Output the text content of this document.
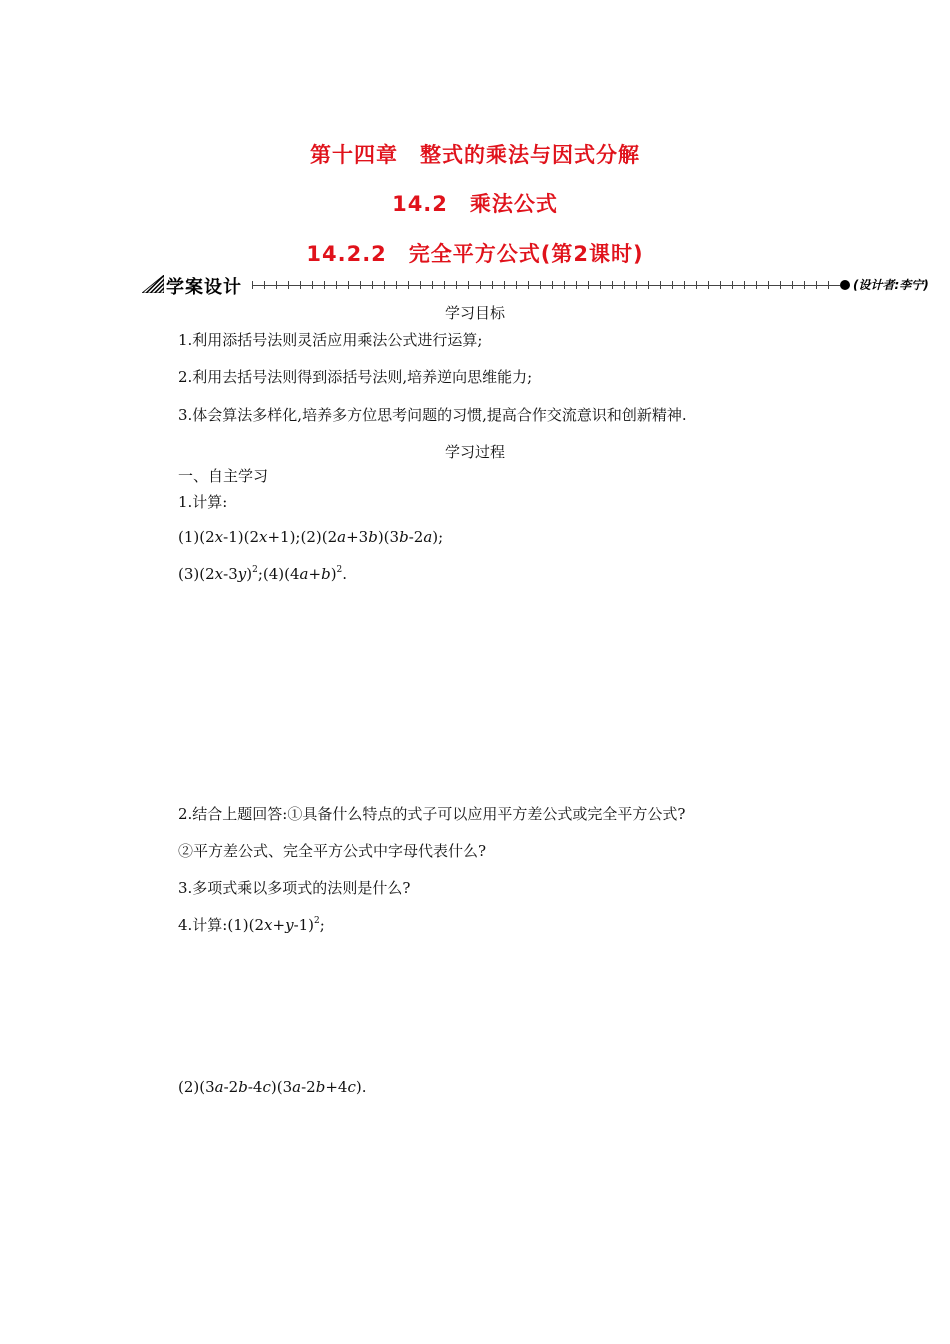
第十四章　整式的乘法与因式分解
14.2　乘法公式
14.2.2　完全平方公式(第2课时)
学案设计	(设计者:李宁)
学习目标
1.利用添括号法则灵活应用乘法公式进行运算;
2.利用去括号法则得到添括号法则,培养逆向思维能力;
3.体会算法多样化,培养多方位思考问题的习惯,提高合作交流意识和创新精神.
学习过程
一、自主学习
1.计算:
(1)(2x-1)(2x+1);(2)(2a+3b)(3b-2a);
$(3)(2x-3y)^2;(4)(4a+b)^2$.
2.结合上题回答:①具备什么特点的式子可以应用平方差公式或完全平方公式?
②平方差公式、完全平方公式中字母代表什么?
3.多项式乘以多项式的法则是什么?
4.计算$:(1)(2x+y-1)^2$;
(2)(3a-2b-4c)(3a-2b+4c).
